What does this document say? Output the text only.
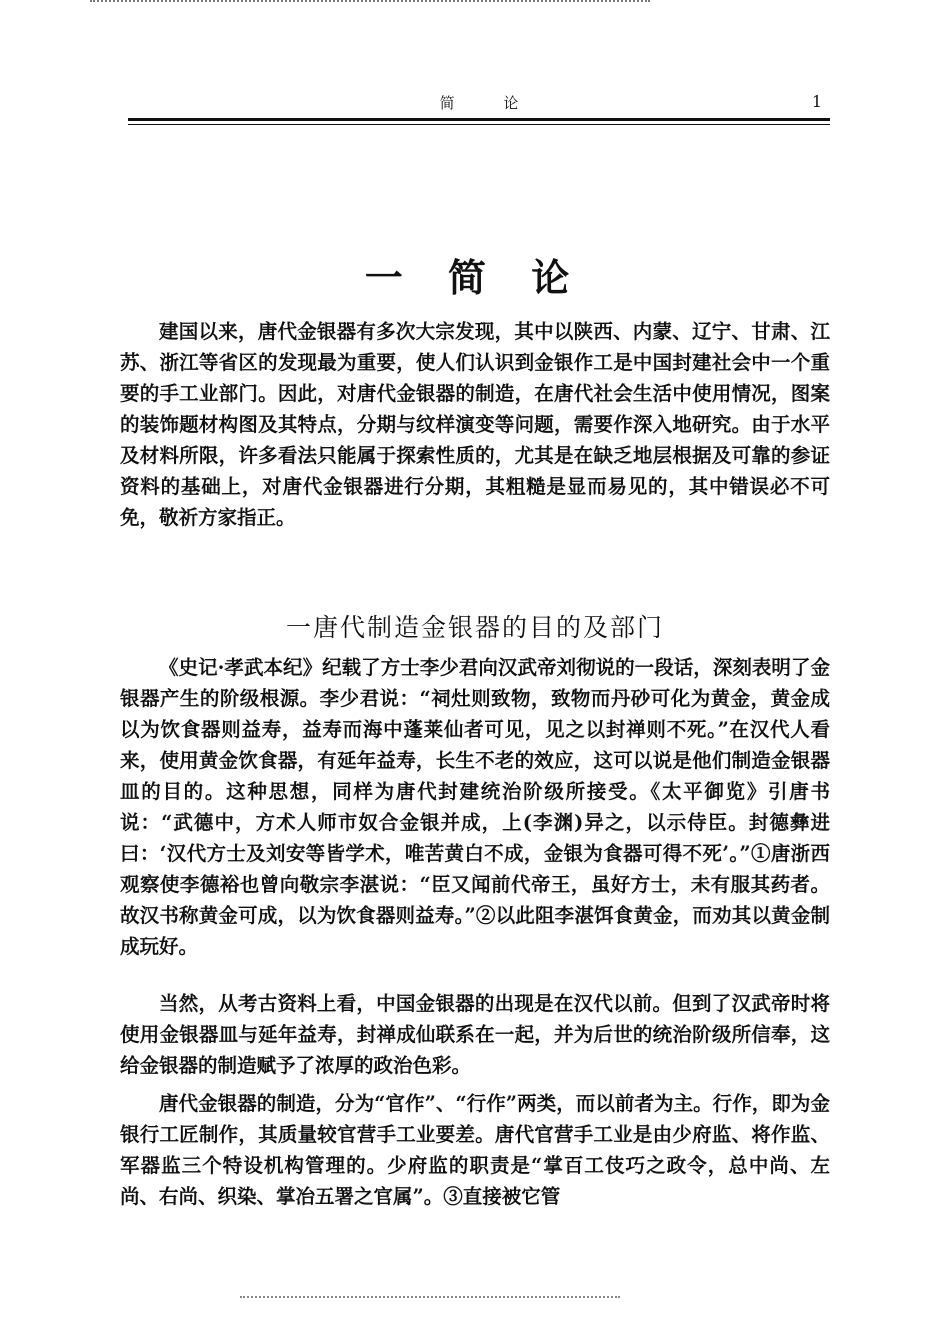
简 论	1
一 简 论

建国以来，唐代金银器有多次大宗发现，其中以陕西、内蒙、辽宁、甘肃、江苏、浙江等省区的发现最为重要，使人们认识到金银作工是中国封建社会中一个重要的手工业部门。因此，对唐代金银器的制造，在唐代社会生活中使用情况，图案的装饰题材构图及其特点，分期与纹样演变等问题，需要作深入地研究。由于水平及材料所限，许多看法只能属于探索性质的，尤其是在缺乏地层根据及可靠的参证资料的基础上，对唐代金银器进行分期，其粗糙是显而易见的，其中错误必不可免，敬祈方家指正。

一唐代制造金银器的目的及部门

《史记·孝武本纪》纪载了方士李少君向汉武帝刘彻说的一段话，深刻表明了金银器产生的阶级根源。李少君说：“祠灶则致物，致物而丹砂可化为黄金，黄金成以为饮食器则益寿，益寿而海中蓬莱仙者可见，见之以封禅则不死。”在汉代人看来，使用黄金饮食器，有延年益寿，长生不老的效应，这可以说是他们制造金银器皿的目的。这种思想，同样为唐代封建统治阶级所接受。《太平御览》引唐书说：“武德中，方术人师市奴合金银并成，上(李渊)异之，以示侍臣。封德彝进曰：‘汉代方士及刘安等皆学术，唯苦黄白不成，金银为食器可得不死’。”①唐浙西观察使李德裕也曾向敬宗李湛说：“臣又闻前代帝王，虽好方士，未有服其药者。故汉书称黄金可成，以为饮食器则益寿。”②以此阻李湛饵食黄金，而劝其以黄金制成玩好。

当然，从考古资料上看，中国金银器的出现是在汉代以前。但到了汉武帝时将使用金银器皿与延年益寿，封禅成仙联系在一起，并为后世的统治阶级所信奉，这给金银器的制造赋予了浓厚的政治色彩。

唐代金银器的制造，分为“官作”、“行作”两类，而以前者为主。行作，即为金银行工匠制作，其质量较官营手工业要差。唐代官营手工业是由少府监、将作监、军器监三个特设机构管理的。少府监的职责是“掌百工伎巧之政令，总中尚、左尚、右尚、织染、掌冶五署之官属”。③直接被它管
